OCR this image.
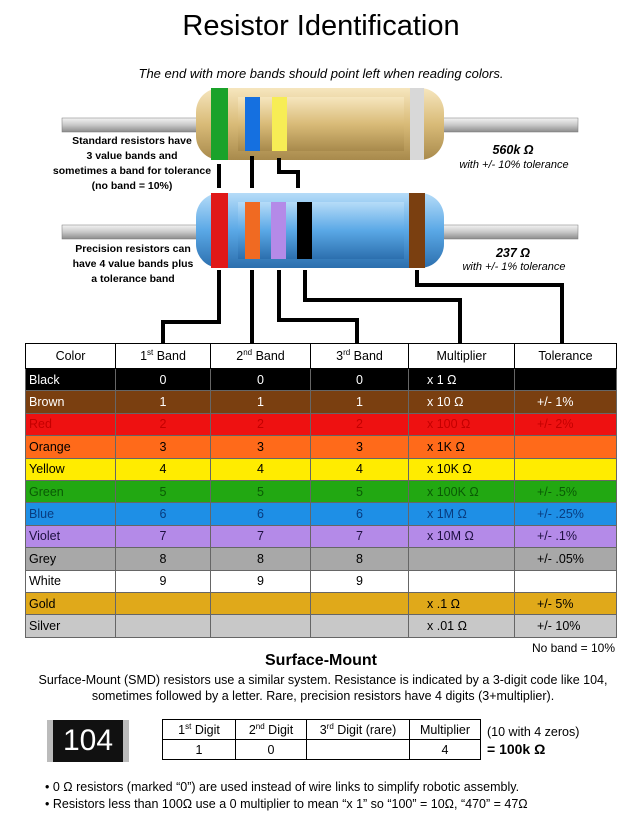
Resistor Identification
The end with more bands should point left when reading colors.
Standard resistors have
3 value bands and
sometimes a band for tolerance
(no band = 10%)
560k Ω
with +/- 10% tolerance
Precision resistors can
have 4 value bands plus
a tolerance band
237 Ω
with +/- 1% tolerance
Color	1st Band	2nd Band	3rd Band	Multiplier	Tolerance
Black	0	0	0	x 1 Ω	
Brown	1	1	1	x 10 Ω	+/- 1%
Red	2	2	2	x 100 Ω	+/- 2%
Orange	3	3	3	x 1K Ω	
Yellow	4	4	4	x 10K Ω	
Green	5	5	5	x 100K Ω	+/- .5%
Blue	6	6	6	x 1M Ω	+/- .25%
Violet	7	7	7	x 10M Ω	+/- .1%
Grey	8	8	8		+/- .05%
White	9	9	9		
Gold				x .1 Ω	+/- 5%
Silver				x .01 Ω	+/- 10%
No band = 10%
Surface-Mount
Surface-Mount (SMD) resistors use a similar system. Resistance is indicated by a 3-digit code like 104, sometimes followed by a letter. Rare, precision resistors have 4 digits (3+multiplier).
104	1st Digit	2nd Digit	3rd Digit (rare)	Multiplier
1	0		4
(10 with 4 zeros)
= 100k Ω
• 0 Ω resistors (marked “0”) are used instead of wire links to simplify robotic assembly.
• Resistors less than 100Ω use a 0 multiplier to mean “x 1” so “100” = 10Ω, “470” = 47Ω
